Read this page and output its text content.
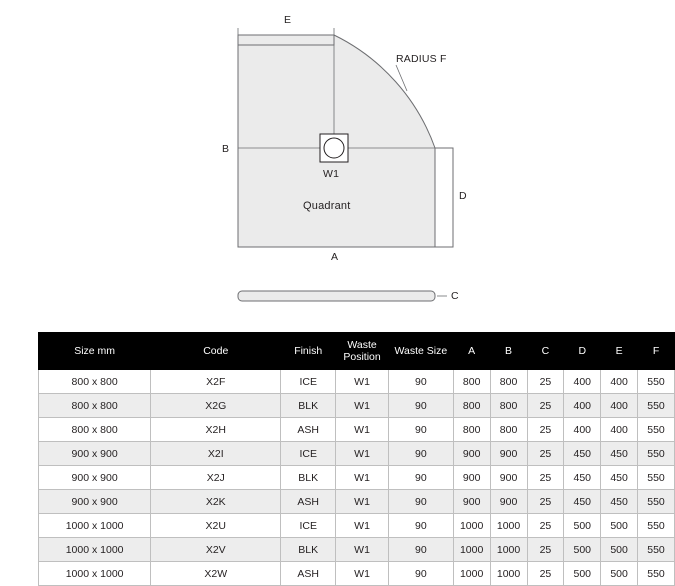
E
B
A
D
C
W1
RADIUS F
Quadrant
Size mm	Code	Finish	Waste Position	Waste Size	A	B	C	D	E	F
800 x 800	X2F	ICE	W1	90	800	800	25	400	400	550
800 x 800	X2G	BLK	W1	90	800	800	25	400	400	550
800 x 800	X2H	ASH	W1	90	800	800	25	400	400	550
900 x 900	X2I	ICE	W1	90	900	900	25	450	450	550
900 x 900	X2J	BLK	W1	90	900	900	25	450	450	550
900 x 900	X2K	ASH	W1	90	900	900	25	450	450	550
1000 x 1000	X2U	ICE	W1	90	1000	1000	25	500	500	550
1000 x 1000	X2V	BLK	W1	90	1000	1000	25	500	500	550
1000 x 1000	X2W	ASH	W1	90	1000	1000	25	500	500	550
